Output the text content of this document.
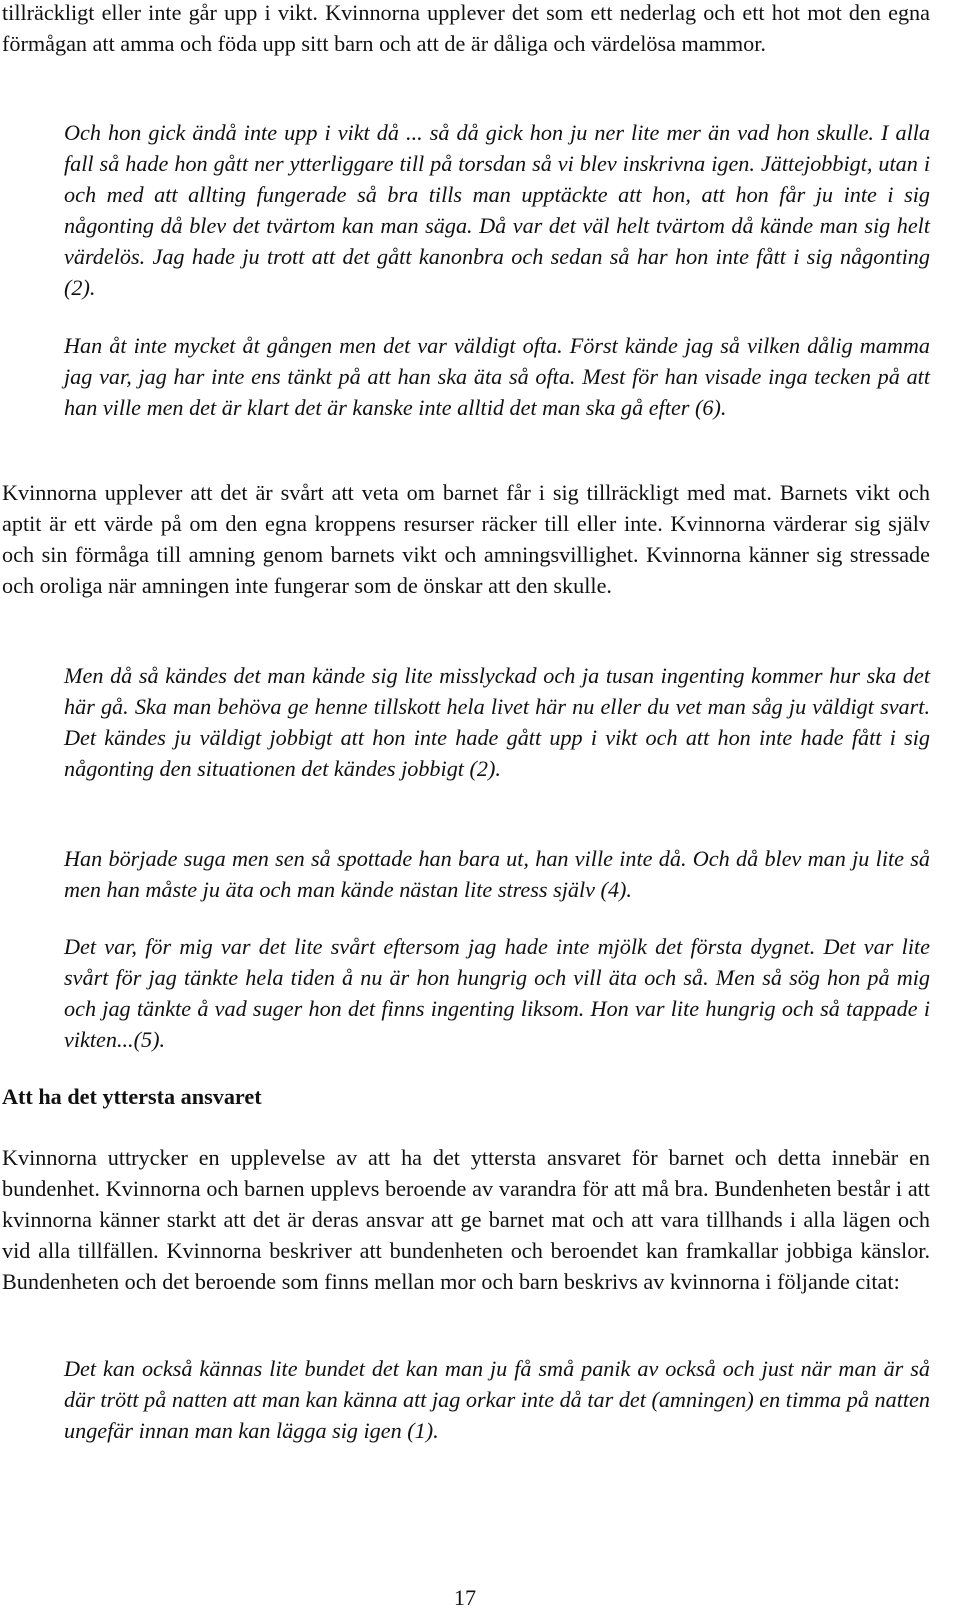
tillräckligt eller inte går upp i vikt. Kvinnorna upplever det som ett nederlag och ett hot mot den egna förmågan att amma och föda upp sitt barn och att de är dåliga och värdelösa mammor.

Och hon gick ändå inte upp i vikt då ... så då gick hon ju ner lite mer än vad hon skulle. I alla fall så hade hon gått ner ytterliggare till på torsdan så vi blev inskrivna igen. Jättejobbigt, utan i och med att allting fungerade så bra tills man upptäckte att hon, att hon får ju inte i sig någonting då blev det tvärtom kan man säga. Då var det väl helt tvärtom då kände man sig helt värdelös. Jag hade ju trott att det gått kanonbra och sedan så har hon inte fått i sig någonting (2).

Han åt inte mycket åt gången men det var väldigt ofta. Först kände jag så vilken dålig mamma jag var, jag har inte ens tänkt på att han ska äta så ofta. Mest för han visade inga tecken på att han ville men det är klart det är kanske inte alltid det man ska gå efter (6).

Kvinnorna upplever att det är svårt att veta om barnet får i sig tillräckligt med mat. Barnets vikt och aptit är ett värde på om den egna kroppens resurser räcker till eller inte. Kvinnorna värderar sig själv och sin förmåga till amning genom barnets vikt och amningsvillighet. Kvinnorna känner sig stressade och oroliga när amningen inte fungerar som de önskar att den skulle.

Men då så kändes det man kände sig lite misslyckad och ja tusan ingenting kommer hur ska det här gå. Ska man behöva ge henne tillskott hela livet här nu eller du vet man såg ju väldigt svart. Det kändes ju väldigt jobbigt att hon inte hade gått upp i vikt och att hon inte hade fått i sig någonting den situationen det kändes jobbigt (2).

Han började suga men sen så spottade han bara ut, han ville inte då. Och då blev man ju lite så men han måste ju äta och man kände nästan lite stress själv (4).

Det var, för mig var det lite svårt eftersom jag hade inte mjölk det första dygnet. Det var lite svårt för jag tänkte hela tiden å nu är hon hungrig och vill äta och så. Men så sög hon på mig och jag tänkte å vad suger hon det finns ingenting liksom. Hon var lite hungrig och så tappade i vikten...(5).

Att ha det yttersta ansvaret

Kvinnorna uttrycker en upplevelse av att ha det yttersta ansvaret för barnet och detta innebär en bundenhet. Kvinnorna och barnen upplevs beroende av varandra för att må bra. Bundenheten består i att kvinnorna känner starkt att det är deras ansvar att ge barnet mat och att vara tillhands i alla lägen och vid alla tillfällen. Kvinnorna beskriver att bundenheten och beroendet kan framkallar jobbiga känslor. Bundenheten och det beroende som finns mellan mor och barn beskrivs av kvinnorna i följande citat:

Det kan också kännas lite bundet det kan man ju få små panik av också och just när man är så där trött på natten att man kan känna att jag orkar inte då tar det (amningen) en timma på natten ungefär innan man kan lägga sig igen (1).

17
